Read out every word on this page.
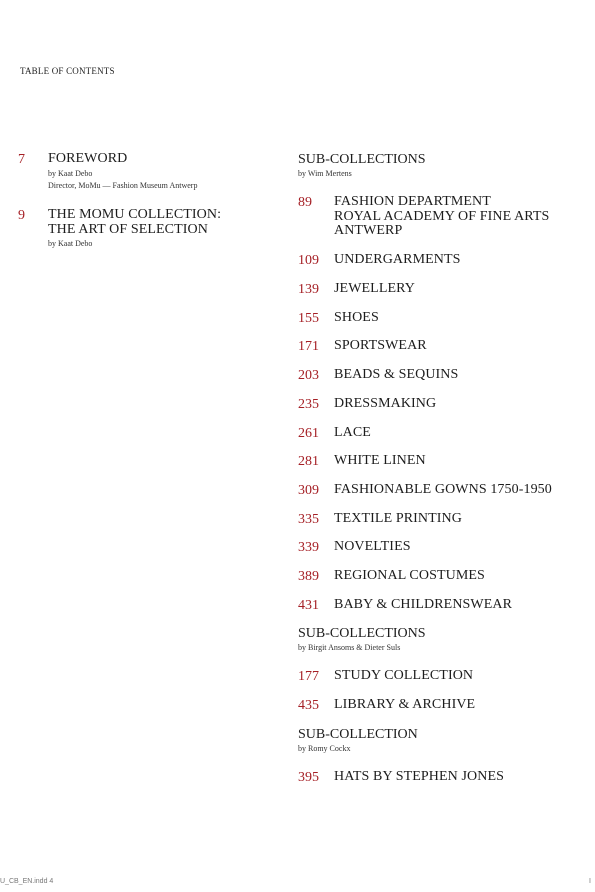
TABLE OF CONTENTS
7 FOREWORD
by Kaat Debo
Director, MoMu — Fashion Museum Antwerp
9 THE MOMU COLLECTION:
THE ART OF SELECTION
by Kaat Debo
SUB-COLLECTIONS
by Wim Mertens
89 FASHION DEPARTMENT
ROYAL ACADEMY OF FINE ARTS
ANTWERP
109 UNDERGARMENTS
139 JEWELLERY
155 SHOES
171 SPORTSWEAR
203 BEADS & SEQUINS
235 DRESSMAKING
261 LACE
281 WHITE LINEN
309 FASHIONABLE GOWNS 1750-1950
335 TEXTILE PRINTING
339 NOVELTIES
389 REGIONAL COSTUMES
431 BABY & CHILDRENSWEAR
SUB-COLLECTIONS
by Birgit Ansoms & Dieter Suls
177 STUDY COLLECTION
435 LIBRARY & ARCHIVE
SUB-COLLECTION
by Romy Cockx
395 HATS BY STEPHEN JONES
U_CB_EN.indd 4	I
